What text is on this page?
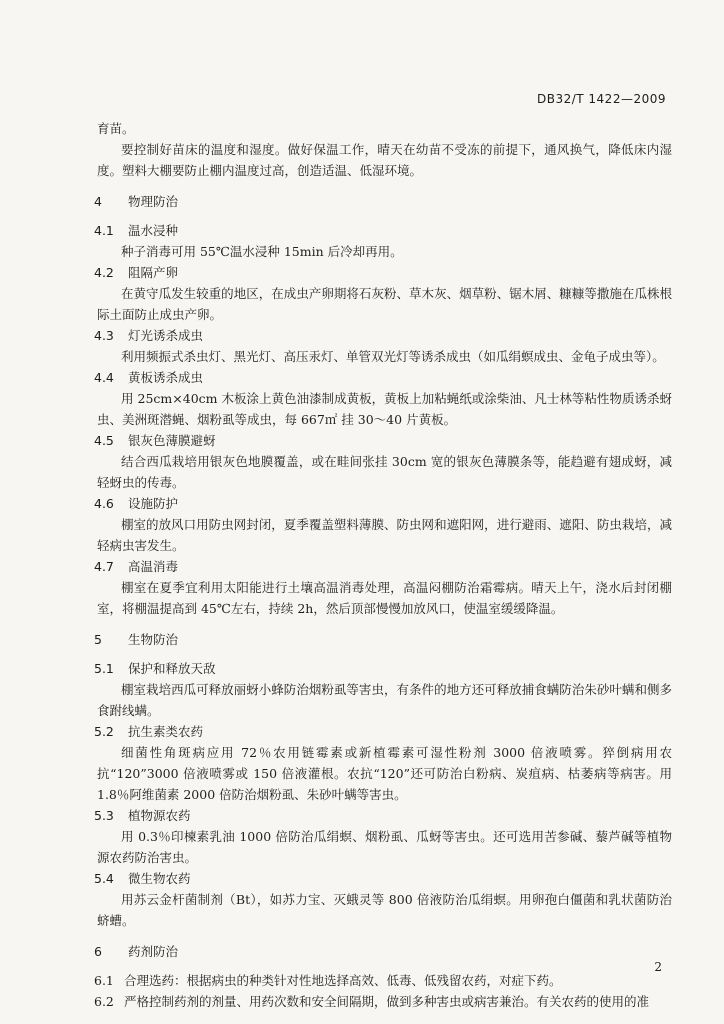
DB32/T 1422—2009
育苗。
要控制好苗床的温度和湿度。做好保温工作，晴天在幼苗不受冻的前提下，通风换气，降低床内湿度。塑料大棚要防止棚内温度过高，创造适温、低湿环境。
4 物理防治
4.1 温水浸种
种子消毒可用 55℃温水浸种 15min 后冷却再用。
4.2 阻隔产卵
在黄守瓜发生较重的地区，在成虫产卵期将石灰粉、草木灰、烟草粉、锯木屑、糠糠等撒施在瓜株根际土面防止成虫产卵。
4.3 灯光诱杀成虫
利用频振式杀虫灯、黑光灯、高压汞灯、单管双光灯等诱杀成虫（如瓜绢螟成虫、金龟子成虫等）。
4.4 黄板诱杀成虫
用 25cm×40cm 木板涂上黄色油漆制成黄板，黄板上加粘蝇纸或涂柴油、凡士林等粘性物质诱杀蚜虫、美洲斑潜蝇、烟粉虱等成虫，每 667㎡ 挂 30～40 片黄板。
4.5 银灰色薄膜避蚜
结合西瓜栽培用银灰色地膜覆盖，或在畦间张挂 30cm 宽的银灰色薄膜条等，能趋避有翅成蚜，减轻蚜虫的传毒。
4.6 设施防护
棚室的放风口用防虫网封闭，夏季覆盖塑料薄膜、防虫网和遮阳网，进行避雨、遮阳、防虫栽培，减轻病虫害发生。
4.7 高温消毒
棚室在夏季宜利用太阳能进行土壤高温消毒处理，高温闷棚防治霜霉病。晴天上午，浇水后封闭棚室，将棚温提高到 45℃左右，持续 2h，然后顶部慢慢加放风口，使温室缓缓降温。
5 生物防治
5.1 保护和释放天敌
棚室栽培西瓜可释放丽蚜小蜂防治烟粉虱等害虫，有条件的地方还可释放捕食螨防治朱砂叶螨和侧多食跗线螨。
5.2 抗生素类农药
细菌性角斑病应用 72％农用链霉素或新植霉素可湿性粉剂 3000 倍液喷雾。猝倒病用农抗“120”3000 倍液喷雾或 150 倍液灌根。农抗“120”还可防治白粉病、炭疽病、枯萎病等病害。用 1.8％阿维菌素 2000 倍防治烟粉虱、朱砂叶螨等害虫。
5.3 植物源农药
用 0.3％印楝素乳油 1000 倍防治瓜绢螟、烟粉虱、瓜蚜等害虫。还可选用苦参碱、藜芦碱等植物源农药防治害虫。
5.4 微生物农药
用苏云金杆菌制剂（Bt），如苏力宝、灭蛾灵等 800 倍液防治瓜绢螟。用卵孢白僵菌和乳状菌防治蛴螬。
6 药剂防治
6.1 合理选药：根据病虫的种类针对性地选择高效、低毒、低残留农药，对症下药。
6.2 严格控制药剂的剂量、用药次数和安全间隔期，做到多种害虫或病害兼治。有关农药的使用的准
2
